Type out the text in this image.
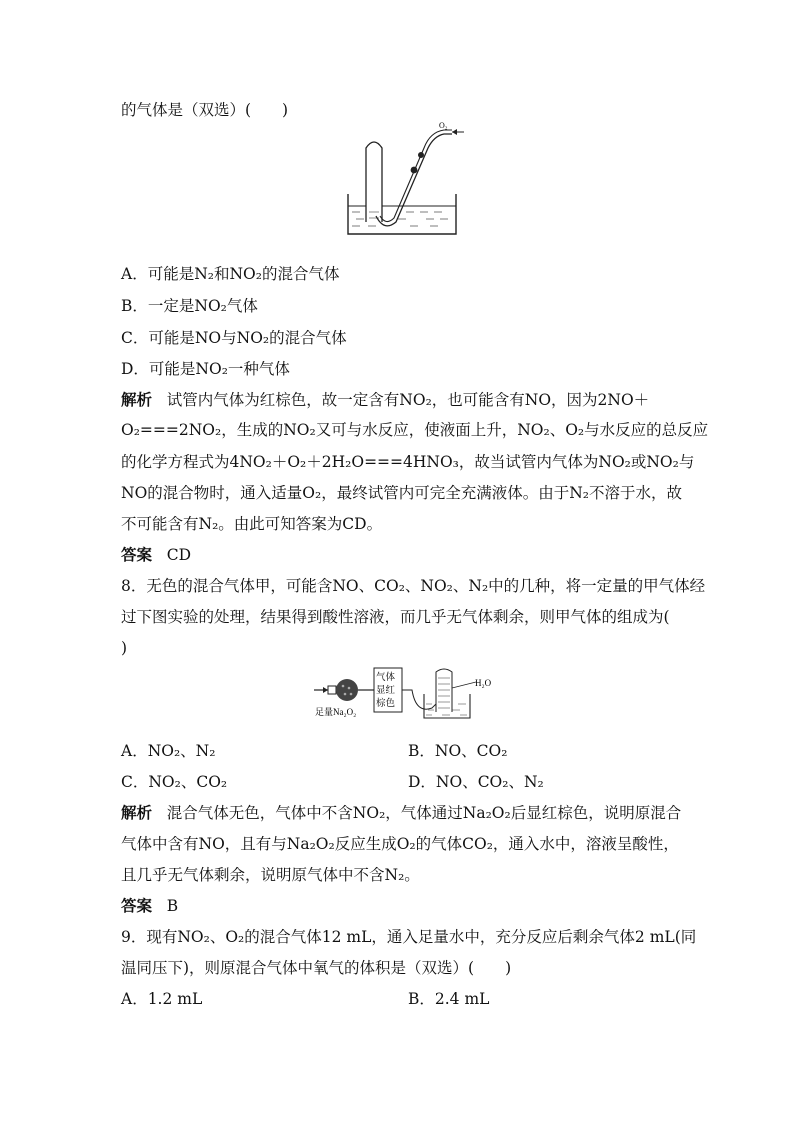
的气体是（双选）(　　)
O₂
A．可能是N₂和NO₂的混合气体
B．一定是NO₂气体
C．可能是NO与NO₂的混合气体
D．可能是NO₂一种气体
解析 试管内气体为红棕色，故一定含有NO₂，也可能含有NO，因为2NO＋
O₂===2NO₂，生成的NO₂又可与水反应，使液面上升，NO₂、O₂与水反应的总反应
的化学方程式为4NO₂＋O₂＋2H₂O===4HNO₃，故当试管内气体为NO₂或NO₂与
NO的混合物时，通入适量O₂，最终试管内可完全充满液体。由于N₂不溶于水，故
不可能含有N₂。由此可知答案为CD。
答案 CD
8．无色的混合气体甲，可能含NO、CO₂、NO₂、N₂中的几种，将一定量的甲气体经
过下图实验的处理，结果得到酸性溶液，而几乎无气体剩余，则甲气体的组成为(
)
足量Na₂O₂
气体
显红
棕色
H₂O
A．NO₂、N₂	B．NO、CO₂
C．NO₂、CO₂	D．NO、CO₂、N₂
解析 混合气体无色，气体中不含NO₂，气体通过Na₂O₂后显红棕色，说明原混合
气体中含有NO，且有与Na₂O₂反应生成O₂的气体CO₂，通入水中，溶液呈酸性，
且几乎无气体剩余，说明原气体中不含N₂。
答案 B
9．现有NO₂、O₂的混合气体12 mL，通入足量水中，充分反应后剩余气体2 mL(同
温同压下)，则原混合气体中氧气的体积是（双选）(　　)
A．1.2 mL	B．2.4 mL
